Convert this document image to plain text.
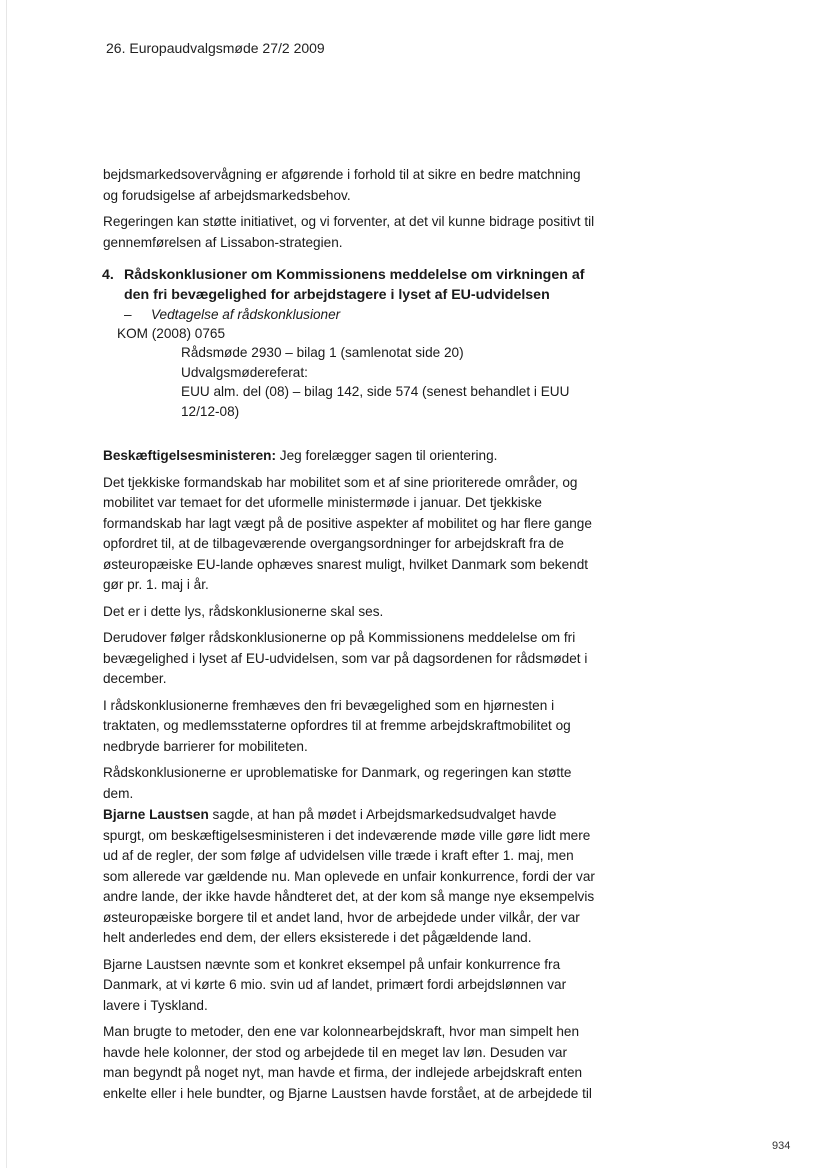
26. Europaudvalgsmøde 27/2 2009

bejdsmarkedsovervågning er afgørende i forhold til at sikre en bedre matchning og forudsigelse af arbejdsmarkedsbehov.

Regeringen kan støtte initiativet, og vi forventer, at det vil kunne bidrage positivt til gennemførelsen af Lissabon-strategien.

4. Rådskonklusioner om Kommissionens meddelelse om virkningen af den fri bevægelighed for arbejdstagere i lyset af EU-udvidelsen
– Vedtagelse af rådskonklusioner
KOM (2008) 0765
Rådsmøde 2930 – bilag 1 (samlenotat side 20)
Udvalgsmødereferat:
EUU alm. del (08) – bilag 142, side 574 (senest behandlet i EUU 12/12-08)

Beskæftigelsesministeren: Jeg forelægger sagen til orientering.

Det tjekkiske formandskab har mobilitet som et af sine prioriterede områder, og mobilitet var temaet for det uformelle ministermøde i januar. Det tjekkiske formandskab har lagt vægt på de positive aspekter af mobilitet og har flere gange opfordret til, at de tilbageværende overgangsordninger for arbejdskraft fra de østeuropæiske EU-lande ophæves snarest muligt, hvilket Danmark som bekendt gør pr. 1. maj i år.

Det er i dette lys, rådskonklusionerne skal ses.

Derudover følger rådskonklusionerne op på Kommissionens meddelelse om fri bevægelighed i lyset af EU-udvidelsen, som var på dagsordenen for rådsmødet i december.

I rådskonklusionerne fremhæves den fri bevægelighed som en hjørnesten i traktaten, og medlemsstaterne opfordres til at fremme arbejdskraftmobilitet og nedbryde barrierer for mobiliteten.

Rådskonklusionerne er uproblematiske for Danmark, og regeringen kan støtte dem.

Bjarne Laustsen sagde, at han på mødet i Arbejdsmarkedsudvalget havde spurgt, om beskæftigelsesministeren i det indeværende møde ville gøre lidt mere ud af de regler, der som følge af udvidelsen ville træde i kraft efter 1. maj, men som allerede var gældende nu. Man oplevede en unfair konkurrence, fordi der var andre lande, der ikke havde håndteret det, at der kom så mange nye eksempelvis østeuropæiske borgere til et andet land, hvor de arbejdede under vilkår, der var helt anderledes end dem, der ellers eksisterede i det pågældende land.

Bjarne Laustsen nævnte som et konkret eksempel på unfair konkurrence fra Danmark, at vi kørte 6 mio. svin ud af landet, primært fordi arbejdslønnen var lavere i Tyskland.

Man brugte to metoder, den ene var kolonnearbejdskraft, hvor man simpelt hen havde hele kolonner, der stod og arbejdede til en meget lav løn. Desuden var man begyndt på noget nyt, man havde et firma, der indlejede arbejdskraft enten enkelte eller i hele bundter, og Bjarne Laustsen havde forstået, at de arbejdede til

934
